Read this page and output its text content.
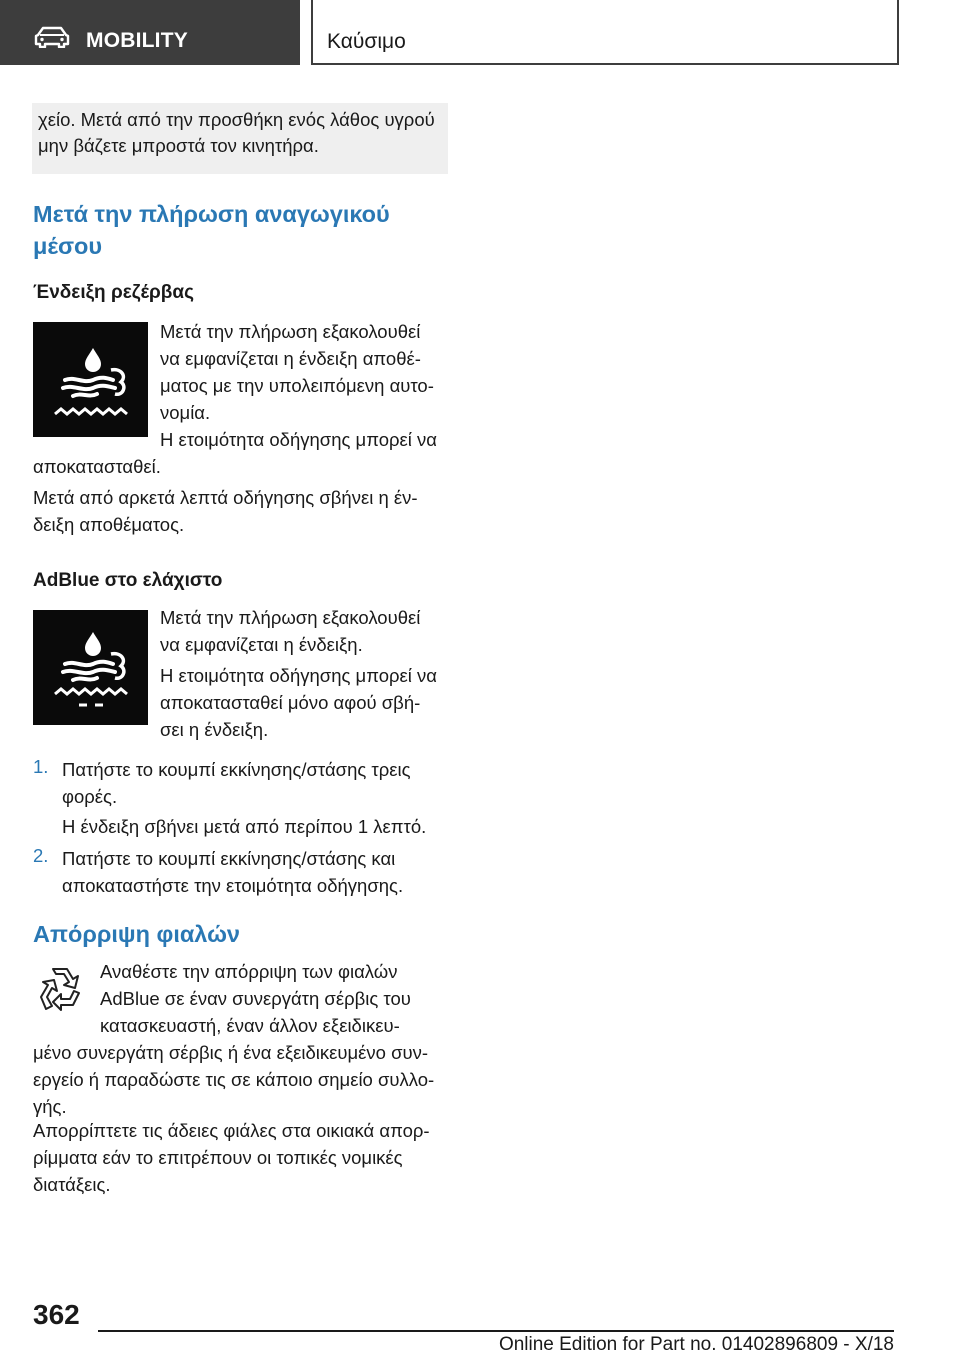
MOBILITY	Καύσιμο
χείο. Μετά από την προσθήκη ενός λάθος υγρού μην βάζετε μπροστά τον κινητήρα.
Μετά την πλήρωση αναγωγικού
μέσου
Ένδειξη ρεζέρβας
Μετά την πλήρωση εξακολουθεί
να εμφανίζεται η ένδειξη αποθέ-
ματος με την υπολειπόμενη αυτο-
νομία.
Η ετοιμότητα οδήγησης μπορεί να
αποκατασταθεί.
Μετά από αρκετά λεπτά οδήγησης σβήνει η έν-
δειξη αποθέματος.
AdBlue στο ελάχιστο
Μετά την πλήρωση εξακολουθεί
να εμφανίζεται η ένδειξη.
Η ετοιμότητα οδήγησης μπορεί να
αποκατασταθεί μόνο αφού σβή-
σει η ένδειξη.
1. Πατήστε το κουμπί εκκίνησης/στάσης τρεις
φορές.
Η ένδειξη σβήνει μετά από περίπου 1 λεπτό.
2. Πατήστε το κουμπί εκκίνησης/στάσης και
αποκαταστήστε την ετοιμότητα οδήγησης.
Απόρριψη φιαλών
Αναθέστε την απόρριψη των φιαλών
AdBlue σε έναν συνεργάτη σέρβις του
κατασκευαστή, έναν άλλον εξειδικευ-
μένο συνεργάτη σέρβις ή ένα εξειδικευμένο συν-
εργείο ή παραδώστε τις σε κάποιο σημείο συλλο-
γής.
Απορρίπτετε τις άδειες φιάλες στα οικιακά απορ-
ρίμματα εάν το επιτρέπουν οι τοπικές νομικές
διατάξεις.
362
Online Edition for Part no. 01402896809 - X/18
